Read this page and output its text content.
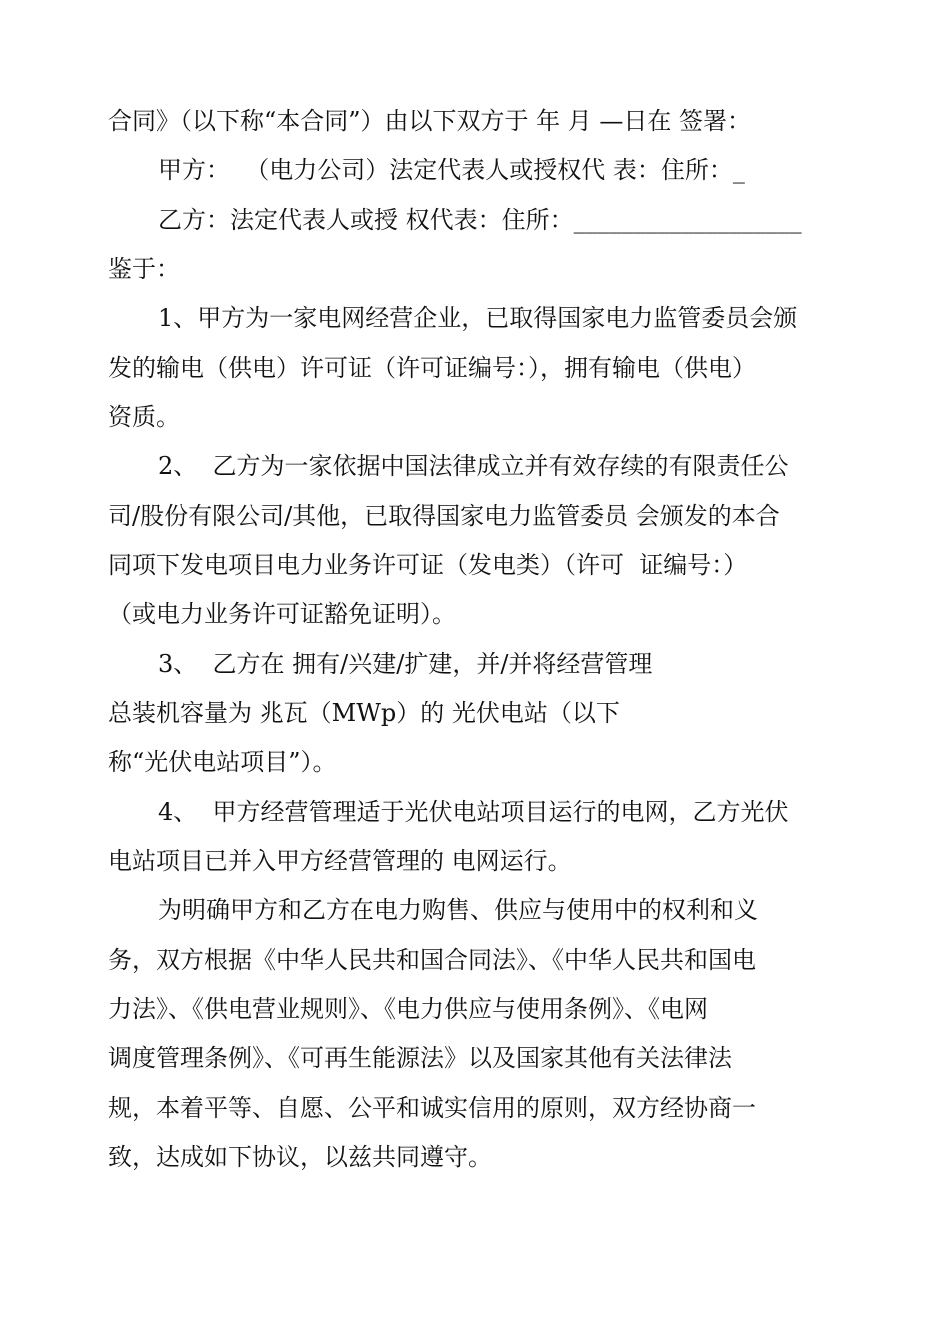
合同》（以下称“本合同”）由以下双方于 年 月 —日在 签署：
甲方：  （电力公司）法定代表人或授权代 表：住所：_
乙方：法定代表人或授 权代表：住所：___________________
鉴于：
1、甲方为一家电网经营企业，已取得国家电力监管委员会颁
发的输电（供电）许可证（许可证编号：），拥有输电（供电）
资质。
2、  乙方为一家依据中国法律成立并有效存续的有限责任公
司/股份有限公司/其他，已取得国家电力监管委员 会颁发的本合
同项下发电项目电力业务许可证（发电类）（许可  证编号：）
（或电力业务许可证豁免证明）。
3、  乙方在 拥有/兴建/扩建，并/并将经营管理
总装机容量为 兆瓦（MWp）的 光伏电站（以下
称“光伏电站项目”）。
4、  甲方经营管理适于光伏电站项目运行的电网，乙方光伏
电站项目已并入甲方经营管理的 电网运行。
为明确甲方和乙方在电力购售、供应与使用中的权利和义
务，双方根据《中华人民共和国合同法》、《中华人民共和国电
力法》、《供电营业规则》、《电力供应与使用条例》、《电网
调度管理条例》、《可再生能源法》以及国家其他有关法律法
规，本着平等、自愿、公平和诚实信用的原则，双方经协商一
致，达成如下协议，以兹共同遵守。
